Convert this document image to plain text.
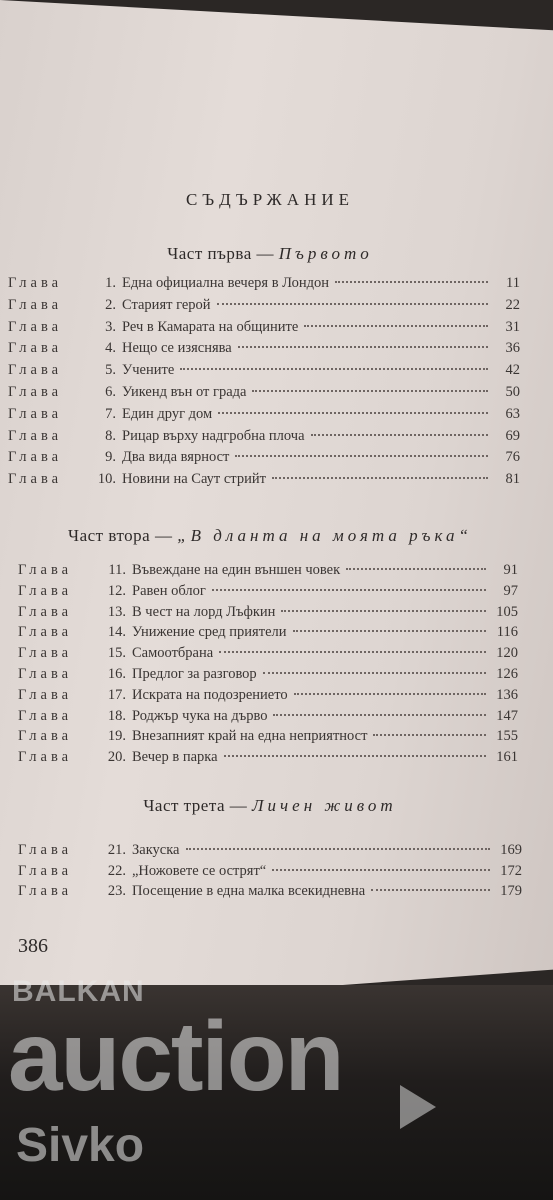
СЪДЪРЖАНИЕ
Част първа — Първото
Глава	1. Една официална вечеря в Лондон	11
Глава	2. Старият герой	22
Глава	3. Реч в Камарата на общините	31
Глава	4. Нещо се изяснява	36
Глава	5. Учените	42
Глава	6. Уикенд вън от града	50
Глава	7. Един друг дом	63
Глава	8. Рицар върху надгробна плоча	69
Глава	9. Два вида вярност	76
Глава	10. Новини на Саут стрийт	81
Част втора — „В дланта на моята ръка“
Глава	11. Въвеждане на един външен човек	91
Глава	12. Равен облог	97
Глава	13. В чест на лорд Лъфкин	105
Глава	14. Унижение сред приятели	116
Глава	15. Самоотбрана	120
Глава	16. Предлог за разговор	126
Глава	17. Искрата на подозрението	136
Глава	18. Роджър чука на дърво	147
Глава	19. Внезапният край на една неприятност	155
Глава	20. Вечер в парка	161
Част трета — Личен живот
Глава	21. Закуска	169
Глава	22. „Ножовете се острят“	172
Глава	23. Посещение в една малка всекидневна	179
386
BALKAN
auction
Sivko
